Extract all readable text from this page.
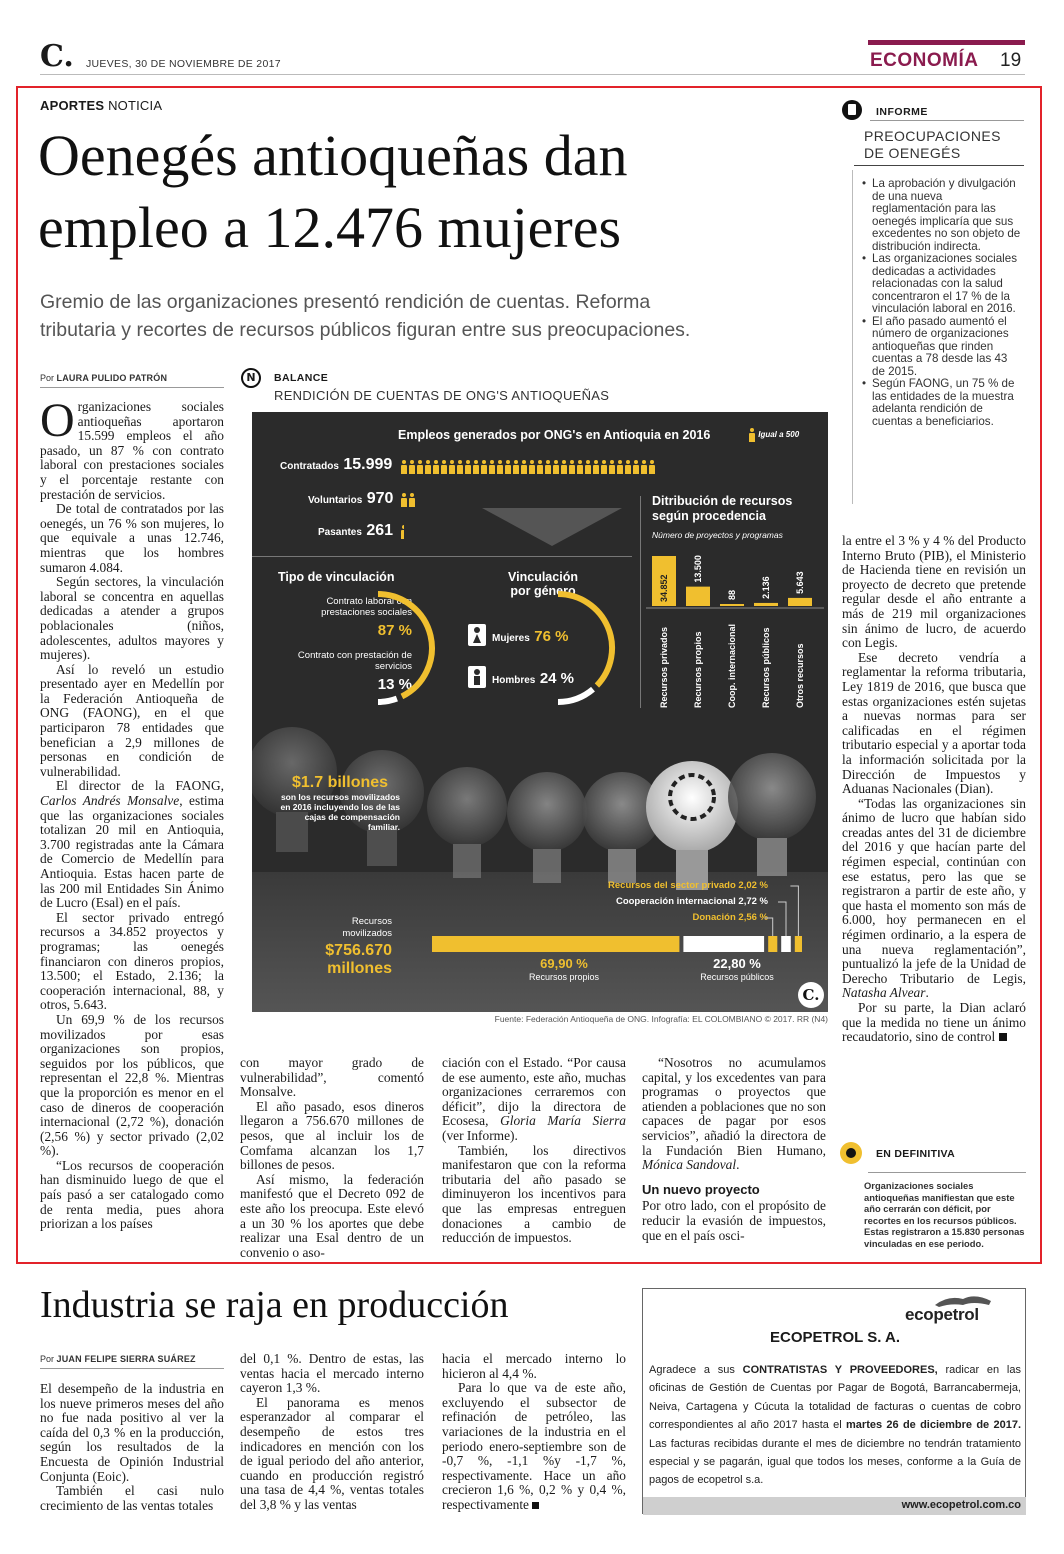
C. JUEVES, 30 DE NOVIEMBRE DE 2017	ECONOMÍA 19
APORTES NOTICIA
Oenegés antioqueñas dan
empleo a 12.476 mujeres
Gremio de las organizaciones presentó rendición de cuentas. Reforma
tributaria y recortes de recursos públicos figuran entre sus preocupaciones.
INFORME
PREOCUPACIONES
DE OENEGÉS
• La aprobación y divulgación de una nueva reglamentación para las oenegés implicaría que sus excedentes no son objeto de distribución indirecta.
• Las organizaciones sociales dedicadas a actividades relacionadas con la salud concentraron el 17 % de la vinculación laboral en 2016.
• El año pasado aumentó el número de organizaciones antioqueñas que rinden cuentas a 78 desde las 43 de 2015.
• Según FAONG, un 75 % de las entidades de la muestra adelanta rendición de cuentas a beneficiarios.
Por LAURA PULIDO PATRÓN

Organizaciones sociales antioqueñas aportaron 15.599 empleos el año pasado, un 87 % con contrato laboral con prestaciones sociales y el porcentaje restante con prestación de servicios.

De total de contratados por las oenegés, un 76 % son mujeres, lo que equivale a unas 12.746, mientras que los hombres sumaron 4.084.

Según sectores, la vinculación laboral se concentra en aquellas dedicadas a atender a grupos poblacionales (niños, adolescentes, adultos mayores y mujeres).

Así lo reveló un estudio presentado ayer en Medellín por la Federación Antioqueña de ONG (FAONG), en el que participaron 78 entidades que benefician a 2,9 millones de personas en condición de vulnerabilidad.

El director de la FAONG, Carlos Andrés Monsalve, estima que las organizaciones sociales totalizan 20 mil en Antioquia, 3.700 registradas ante la Cámara de Comercio de Medellín para Antioquia. Estas hacen parte de las 200 mil Entidades Sin Ánimo de Lucro (Esal) en el país.

El sector privado entregó recursos a 34.852 proyectos y programas; las oenegés financiaron con dineros propios, 13.500; el Estado, 2.136; la cooperación internacional, 88, y otros, 5.643.

Un 69,9 % de los recursos movilizados por esas organizaciones son propios, seguidos por los públicos, que representan el 22,8 %. Mientras que la proporción es menor en el caso de dineros de cooperación internacional (2,72 %), donación (2,56 %) y sector privado (2,02 %).

“Los recursos de cooperación han disminuido luego de que el país pasó a ser catalogado como de renta media, pues ahora priorizan a los países

N	BALANCE
RENDICIÓN DE CUENTAS DE ONG'S ANTIOQUEÑAS
Empleos generados por ONG's en Antioquia en 2016	Igual a 500
Contratados 15.999
Voluntarios 970
Pasantes 261
Tipo de vinculación
Contrato laboral con prestaciones sociales
87 %
Contrato con prestación de servicios
13 %
Vinculación
por género
Mujeres 76 %
Hombres 24 %
Ditribución de recursos
según procedencia
Número de proyectos y programas
34.852
Recursos privados
13.500
Recursos propios
88
Coop. internacional
2.136
Recursos públicos
5.643
Otros recursos
$1.7 billones
son los recursos movilizados en 2016 incluyendo los de las cajas de compensación familiar.
Recursos
movilizados
$756.670
millones
Recursos del sector privado 2,02 %
Cooperación internacional 2,72 %
Donación 2,56 %
69,90 %
Recursos propios
22,80 %
Recursos públicos
C.
Fuente: Federación Antioqueña de ONG. Infografía: EL COLOMBIANO © 2017. RR (N4)

con mayor grado de vulnerabilidad”, comentó Monsalve.

El año pasado, esos dineros llegaron a 756.670 millones de pesos, que al incluir los de Comfama alcanzan los 1,7 billones de pesos.

Así mismo, la federación manifestó que el Decreto 092 de este año los preocupa. Este elevó a un 30 % los aportes que debe realizar una Esal dentro de un convenio o aso-

ciación con el Estado. “Por causa de ese aumento, este año, muchas organizaciones cerraremos con déficit”, dijo la directora de Ecosesa, Gloria María Sierra (ver Informe).

También, los directivos manifestaron que con la reforma tributaria del año pasado se diminuyeron los incentivos para que las empresas entreguen donaciones a cambio de reducción de impuestos.

“Nosotros no acumulamos capital, y los excedentes van para programas o proyectos que atienden a poblaciones que no son capaces de pagar por esos servicios”, añadió la directora de la Fundación Bien Humano, Mónica Sandoval.

Un nuevo proyecto

Por otro lado, con el propósito de reducir la evasión de impuestos, que en el país osci-

la entre el 3 % y 4 % del Producto Interno Bruto (PIB), el Ministerio de Hacienda tiene en revisión un proyecto de decreto que pretende regular desde el año entrante a más de 219 mil organizaciones sin ánimo de lucro, de acuerdo con Legis.

Ese decreto vendría a reglamentar la reforma tributaria, Ley 1819 de 2016, que busca que estas organizaciones estén sujetas a nuevas normas para ser calificadas en el régimen tributario especial y a aportar toda la información solicitada por la Dirección de Impuestos y Aduanas Nacionales (Dian).

“Todas las organizaciones sin ánimo de lucro que habían sido creadas antes del 31 de diciembre del 2016 y que hacían parte del régimen especial, continúan con ese estatus, pero las que se registraron a partir de este año, y que hasta el momento son más de 6.000, hoy permanecen en el régimen ordinario, a la espera de una nueva reglamentación”, puntualizó la jefe de la Unidad de Derecho Tributario de Legis, Natasha Alvear.

Por su parte, la Dian aclaró que la medida no tiene un ánimo recaudatorio, sino de control

EN DEFINITIVA
Organizaciones sociales antioqueñas manifiestan que este año cerrarán con déficit, por recortes en los recursos públicos. Estas registraron a 15.830 personas vinculadas en ese periodo.
Industria se raja en producción
Por JUAN FELIPE SIERRA SUÁREZ

El desempeño de la industria en los nueve primeros meses del año no fue nada positivo al ver la caída del 0,3 % en la producción, según los resultados de la Encuesta de Opinión Industrial Conjunta (Eoic).

También el casi nulo crecimiento de las ventas totales

del 0,1 %. Dentro de estas, las ventas hacia el mercado interno cayeron 1,3 %.

El panorama es menos esperanzador al comparar el desempeño de estos tres indicadores en mención con los de igual periodo del año anterior, cuando en producción registró una tasa de 4,4 %, ventas totales del 3,8 % y las ventas

hacia el mercado interno lo hicieron al 4,4 %.

Para lo que va de este año, excluyendo el subsector de refinación de petróleo, las variaciones de la industria en el periodo enero-septiembre son de -0,7 %, -1,1 %y -1,7 %, respectivamente. Hace un año crecieron 1,6 %, 0,2 % y 0,4 %, respectivamente

ecopetrol
ECOPETROL S. A.
Agradece a sus CONTRATISTAS Y PROVEEDORES, radicar en las oficinas de Gestión de Cuentas por Pagar de Bogotá, Barrancabermeja, Neiva, Cartagena y Cúcuta la totalidad de facturas o cuentas de cobro correspondientes al año 2017 hasta el martes 26 de diciembre de 2017. Las facturas recibidas durante el mes de diciembre no tendrán tratamiento especial y se pagarán, igual que todos los meses, conforme a la Guía de pagos de ecopetrol s.a.
www.ecopetrol.com.co
